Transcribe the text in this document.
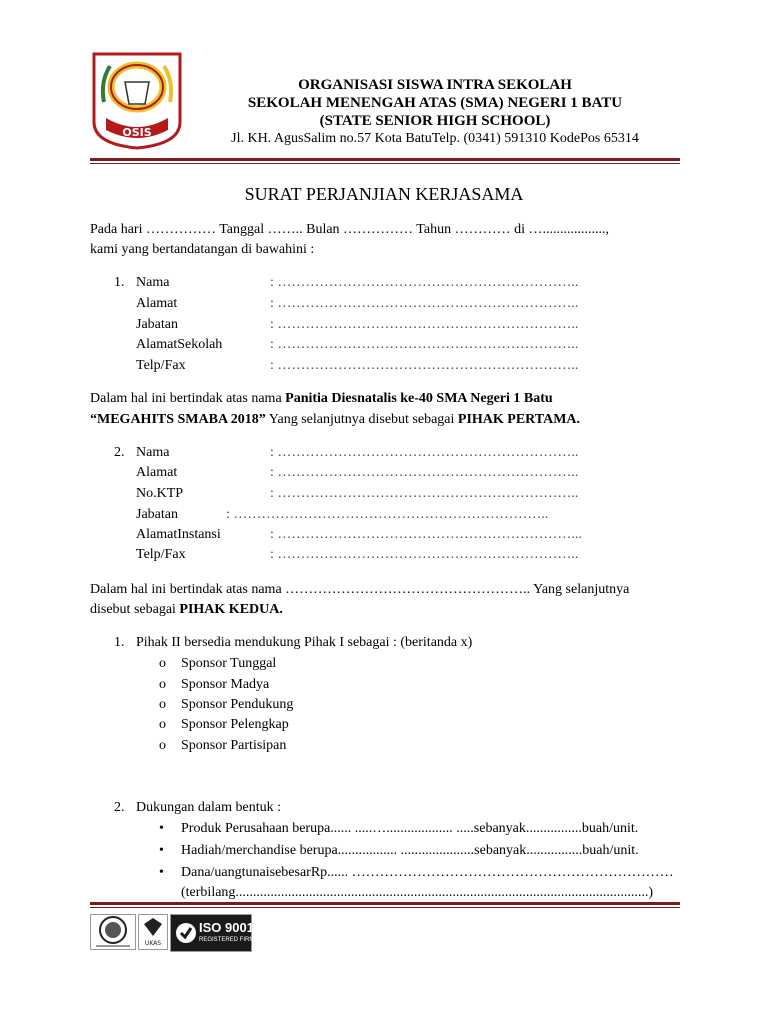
OSIS
ORGANISASI SISWA INTRA SEKOLAH
SEKOLAH MENENGAH ATAS (SMA) NEGERI 1 BATU
(STATE SENIOR HIGH SCHOOL)
Jl. KH. AgusSalim no.57 Kota BatuTelp. (0341) 591310 KodePos 65314
SURAT PERJANJIAN KERJASAMA
Pada hari …………… Tanggal …….. Bulan …………… Tahun ………… di …..................,
kami yang bertandatangan di bawahini :
1. Nama	: ………………………………………………………..
Alamat	: ………………………………………………………..
Jabatan	: ………………………………………………………..
AlamatSekolah	: ………………………………………………………..
Telp/Fax	: ………………………………………………………..
Dalam hal ini bertindak atas nama Panitia Diesnatalis ke-40 SMA Negeri 1 Batu
“MEGAHITS SMABA 2018” Yang selanjutnya disebut sebagai PIHAK PERTAMA.
2. Nama	: ………………………………………………………..
Alamat	: ………………………………………………………..
No.KTP	: ………………………………………………………..
Jabatan	: …………………………………………………………..
AlamatInstansi	: ………………………………………………………...
Telp/Fax	: ………………………………………………………..
Dalam hal ini bertindak atas nama …………………………………………….. Yang selanjutnya
disebut sebagai PIHAK KEDUA.
1. Pihak II bersedia mendukung Pihak I sebagai : (beritanda x)
o Sponsor Tunggal
o Sponsor Madya
o Sponsor Pendukung
o Sponsor Pelengkap
o Sponsor Partisipan
2. Dukungan dalam bentuk :
• Produk Perusahaan berupa...... .....…................... .....sebanyak................buah/unit.
• Hadiah/merchandise berupa................. .....................sebanyak................buah/unit.
• Dana/uangtunaisebesarRp...... ……………………………………………………………
(terbilang......................................................................................................................)
UKAS
ISO 9001
REGISTERED FIRM
